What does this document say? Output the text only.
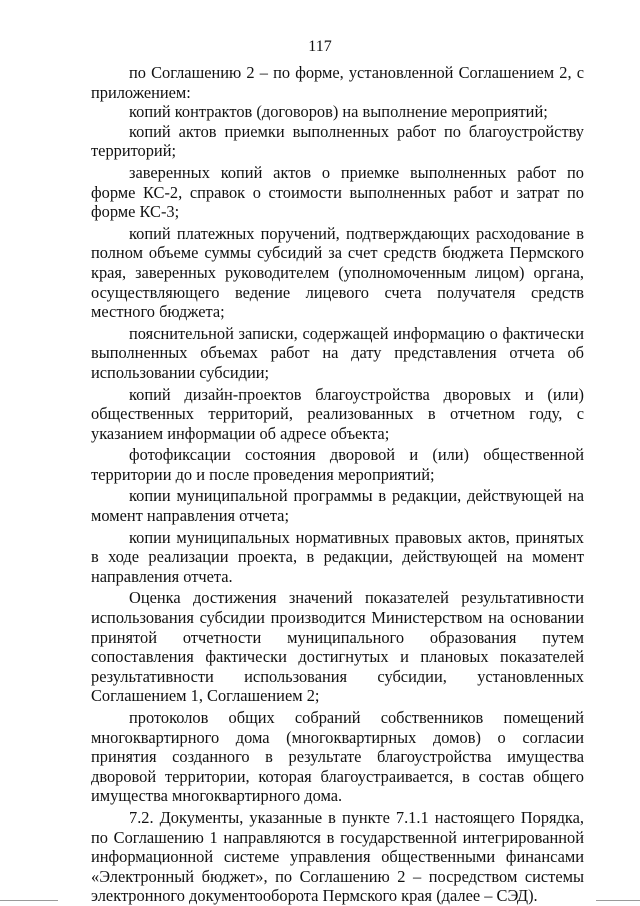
117

по Соглашению 2 – по форме, установленной Соглашением 2, с приложением:

копий контрактов (договоров) на выполнение мероприятий;

копий актов приемки выполненных работ по благоустройству территорий;

заверенных копий актов о приемке выполненных работ по форме КС-2, справок о стоимости выполненных работ и затрат по форме КС-3;

копий платежных поручений, подтверждающих расходование в полном объеме суммы субсидий за счет средств бюджета Пермского края, заверенных руководителем (уполномоченным лицом) органа, осуществляющего ведение лицевого счета получателя средств местного бюджета;

пояснительной записки, содержащей информацию о фактически выполненных объемах работ на дату представления отчета об использовании субсидии;

копий дизайн-проектов благоустройства дворовых и (или) общественных территорий, реализованных в отчетном году, с указанием информации об адресе объекта;

фотофиксации состояния дворовой и (или) общественной территории до и после проведения мероприятий;

копии муниципальной программы в редакции, действующей на момент направления отчета;

копии муниципальных нормативных правовых актов, принятых в ходе реализации проекта, в редакции, действующей на момент направления отчета.

Оценка достижения значений показателей результативности использования субсидии производится Министерством на основании принятой отчетности муниципального образования путем сопоставления фактически достигнутых и плановых показателей результативности использования субсидии, установленных Соглашением 1, Соглашением 2;

протоколов общих собраний собственников помещений многоквартирного дома (многоквартирных домов) о согласии принятия созданного в результате благоустройства имущества дворовой территории, которая благоустраивается, в состав общего имущества многоквартирного дома.

7.2. Документы, указанные в пункте 7.1.1 настоящего Порядка, по Соглашению 1 направляются в государственной интегрированной информационной системе управления общественными финансами «Электронный бюджет», по Соглашению 2 – посредством системы электронного документооборота Пермского края (далее – СЭД).
